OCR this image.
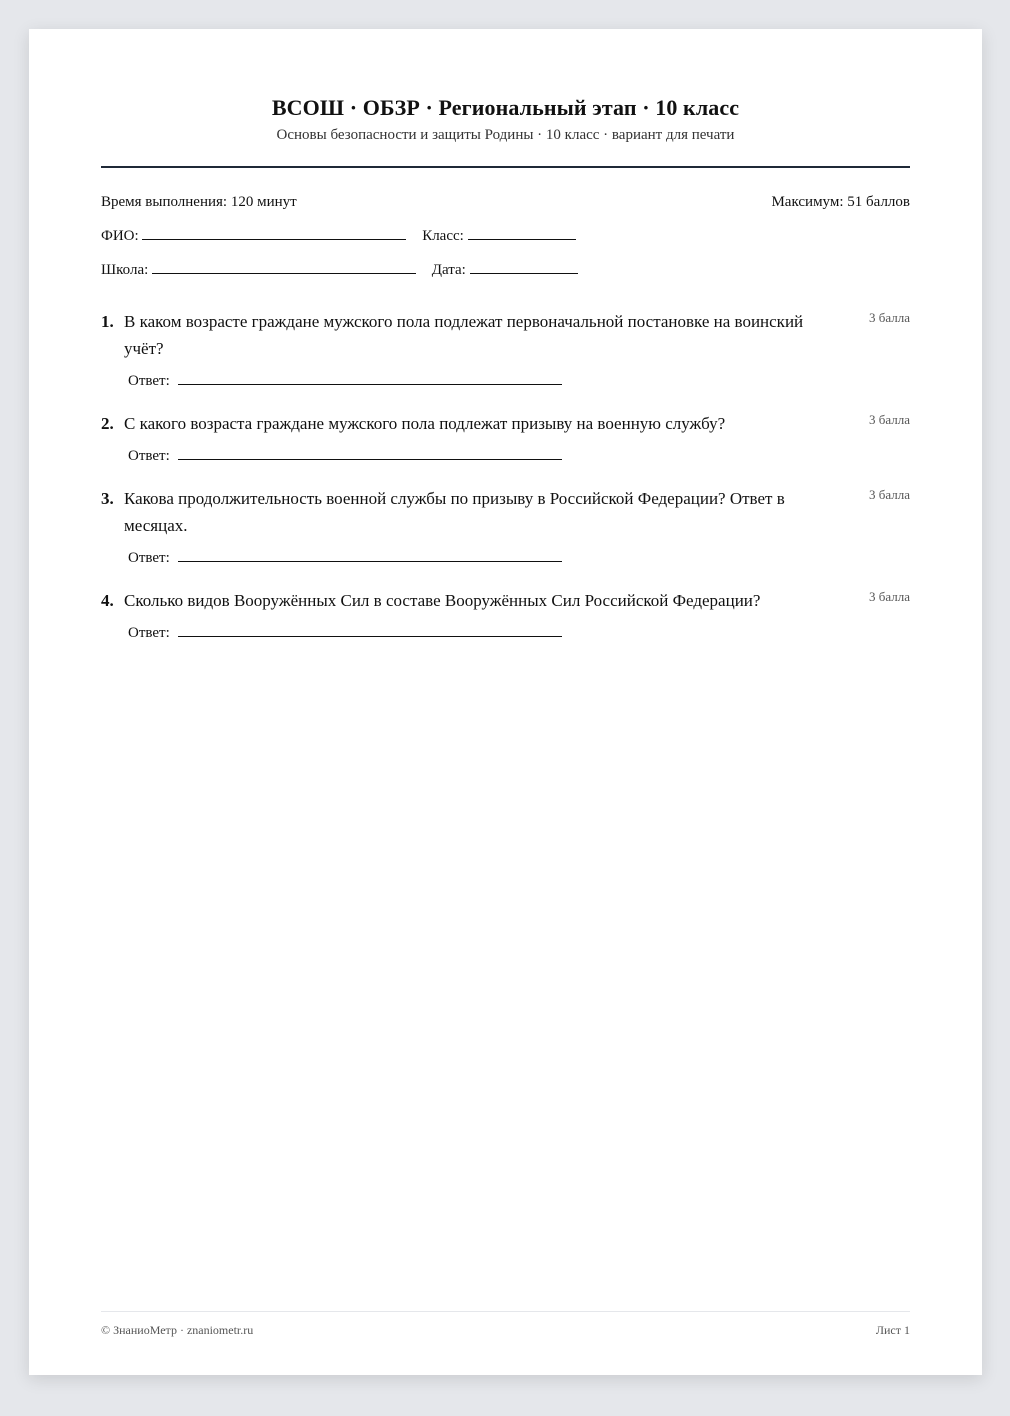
ВСОШ · ОБЗР · Региональный этап · 10 класс
Основы безопасности и защиты Родины · 10 класс · вариант для печати
Время выполнения: 120 минут	Максимум: 51 баллов
ФИО:	Класс:
Школа:	Дата:
1. В каком возрасте граждане мужского пола подлежат первоначальной постановке на воинский учёт?
3 балла
Ответ:
2. С какого возраста граждане мужского пола подлежат призыву на военную службу?	3 балла
Ответ:
3. Какова продолжительность военной службы по призыву в Российской Федерации? Ответ в месяцах.
3 балла
Ответ:
4. Сколько видов Вооружённых Сил в составе Вооружённых Сил Российской Федерации?	3 балла
Ответ:
© ЗнаниоМетр · znaniometr.ru	Лист 1
